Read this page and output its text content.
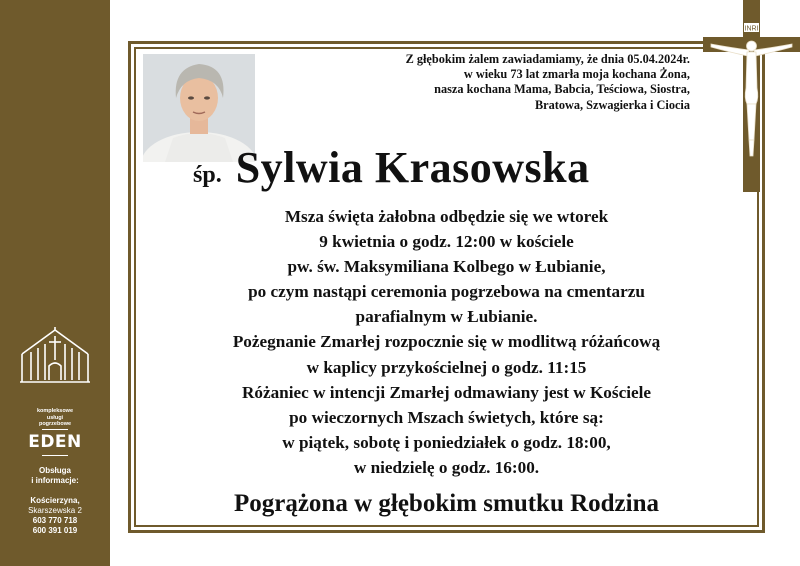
kompleksowe
usługi
pogrzebowe
EDEN
Obsługa
i informacje:
Kościerzyna,
Skarszewska 2
603 770 718
600 391 019
INRI
Z głębokim żalem zawiadamiamy, że dnia 05.04.2024r.
w wieku 73 lat zmarła moja kochana Żona,
nasza kochana Mama, Babcia, Teściowa, Siostra,
Bratowa, Szwagierka i Ciocia
śp. Sylwia Krasowska
Msza święta żałobna odbędzie się we wtorek
9 kwietnia o godz. 12:00 w kościele
pw. św. Maksymiliana Kolbego w Łubianie,
po czym nastąpi ceremonia pogrzebowa na cmentarzu
parafialnym w Łubianie.
Pożegnanie Zmarłej rozpocznie się w modlitwą różańcową
w kaplicy przykościelnej o godz. 11:15
Różaniec w intencji Zmarłej odmawiany jest w Kościele
po wieczornych Mszach świetych, które są:
w piątek, sobotę i poniedziałek o godz. 18:00,
w niedzielę o godz. 16:00.
Pogrążona w głębokim smutku Rodzina
